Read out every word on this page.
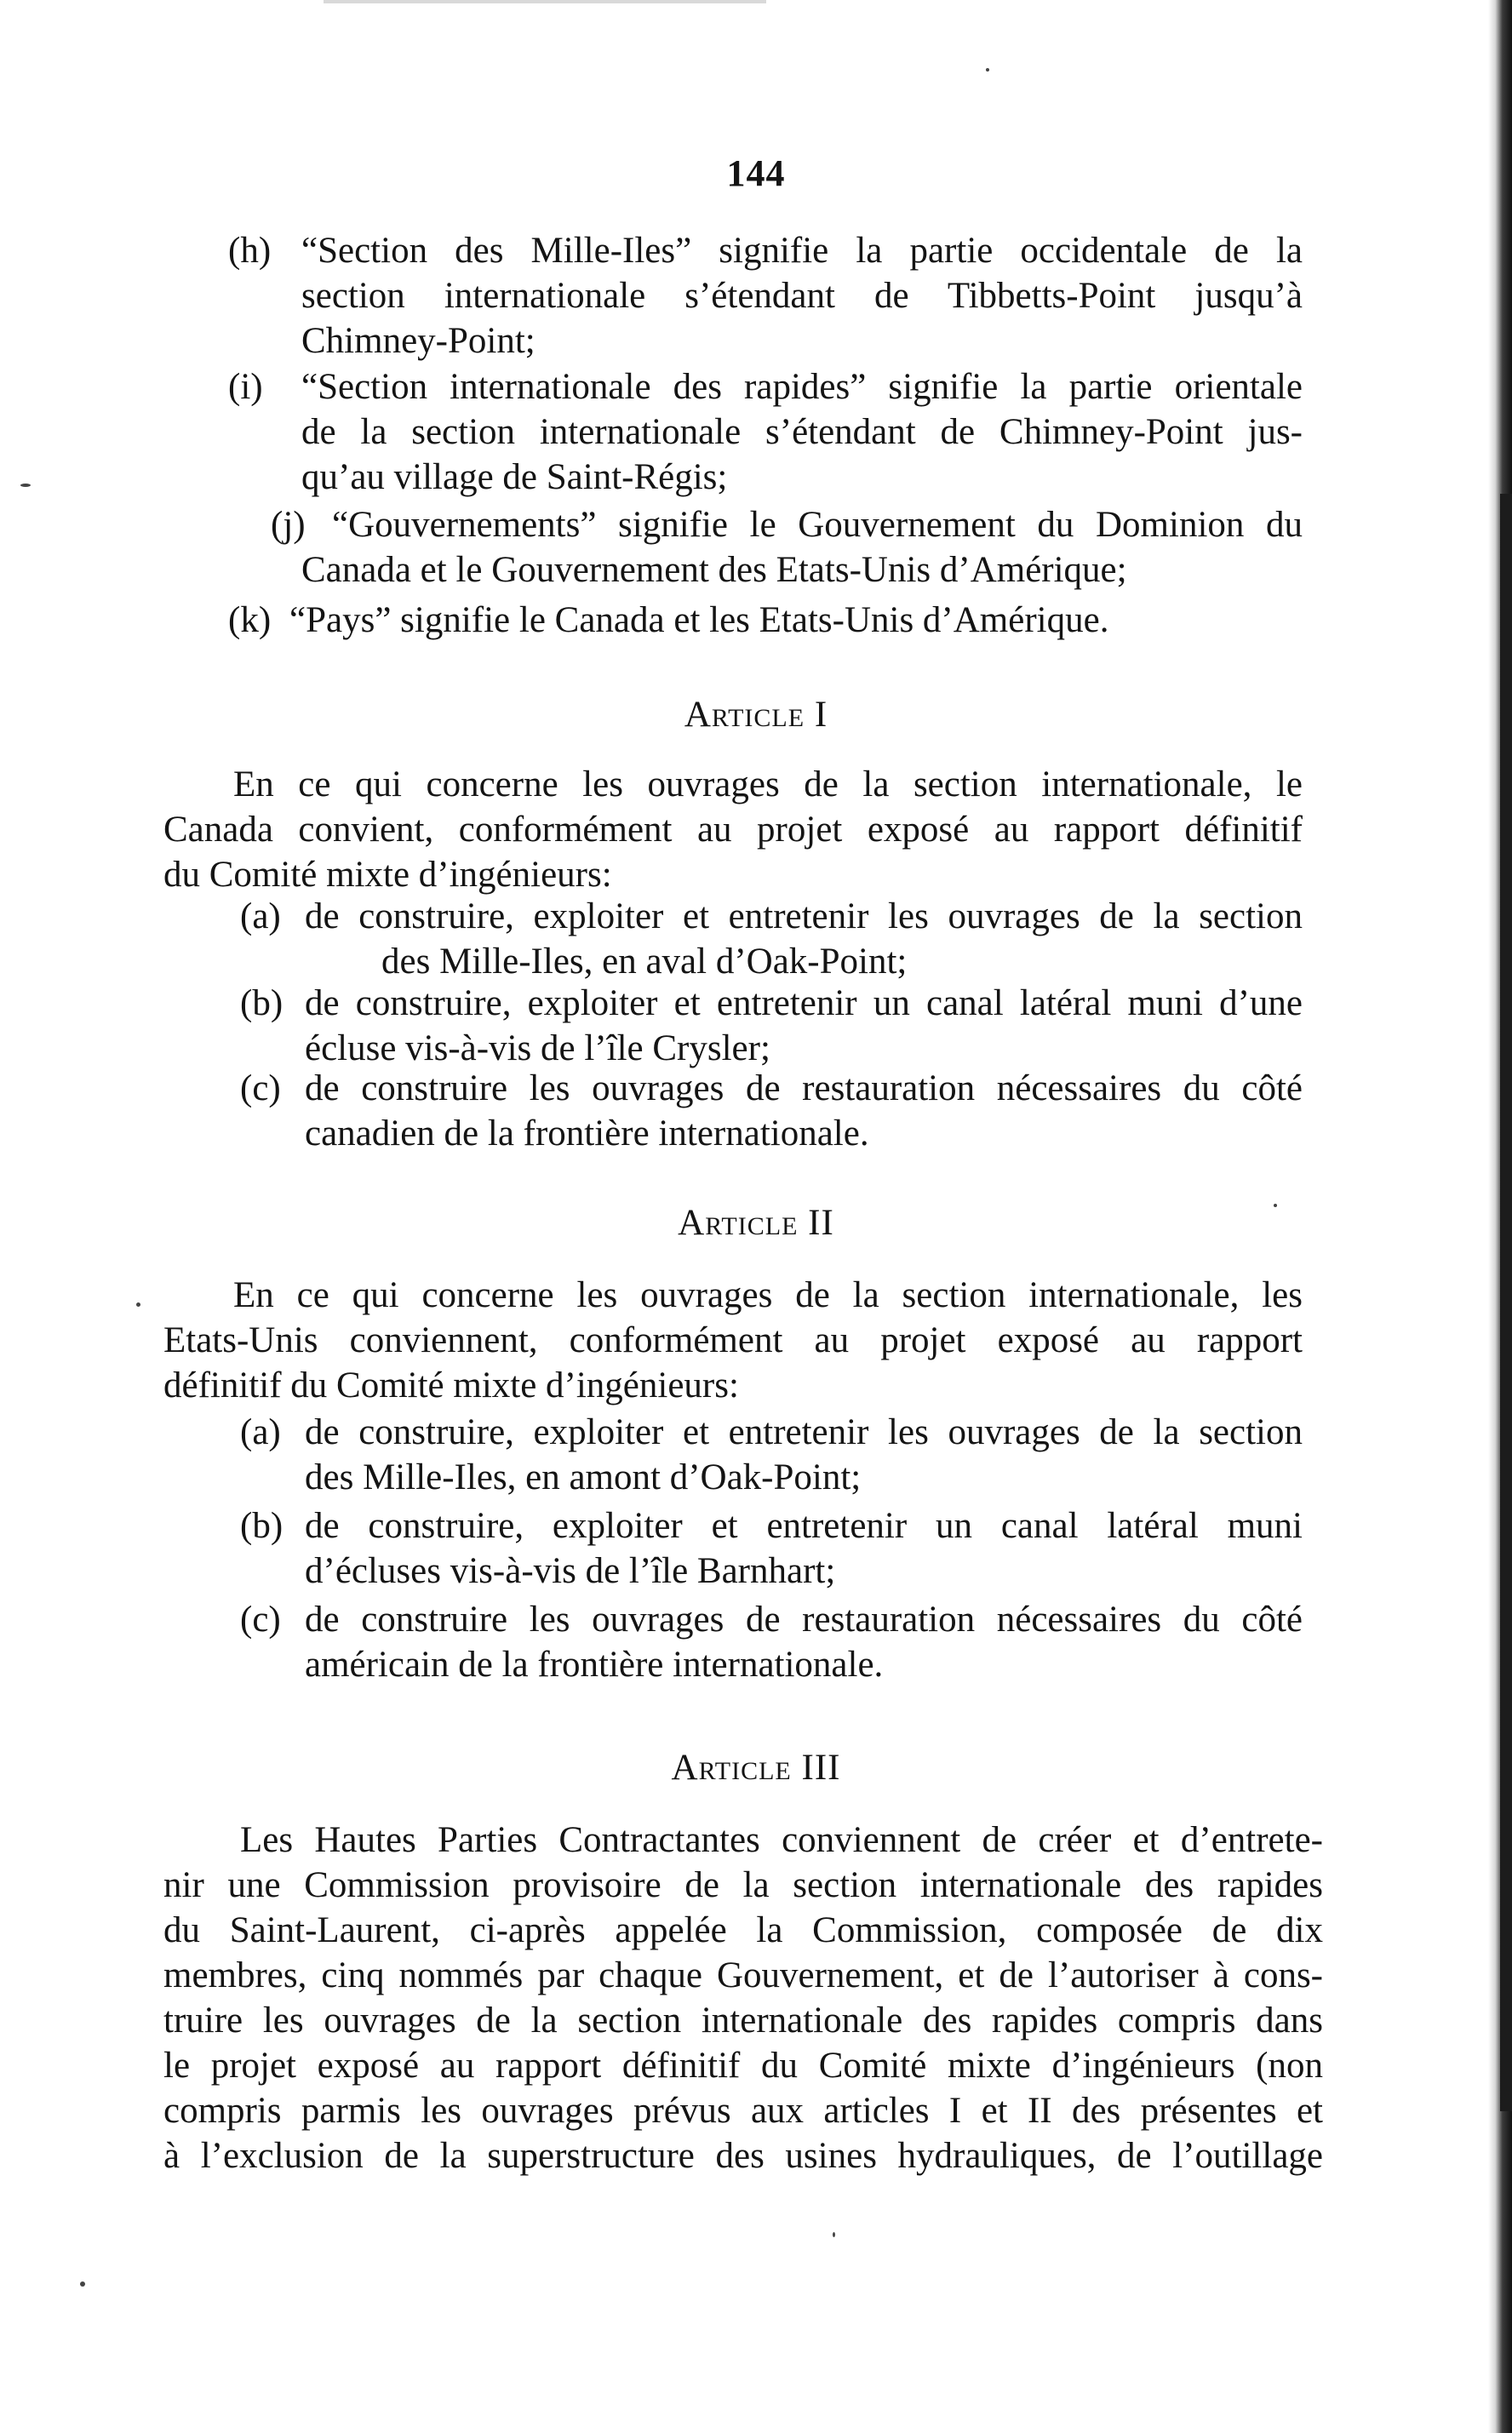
144
(h) “Section des Mille-Iles” signifie la partie occidentale de la
section internationale s’étendant de Tibbetts-Point jusqu’à
Chimney-Point;
(i) “Section internationale des rapides” signifie la partie orientale
de la section internationale s’étendant de Chimney-Point jus-
qu’au village de Saint-Régis;
(j) “Gouvernements” signifie le Gouvernement du Dominion du
Canada et le Gouvernement des Etats-Unis d’Amérique;
(k) “Pays” signifie le Canada et les Etats-Unis d’Amérique.
Article I
En ce qui concerne les ouvrages de la section internationale, le
Canada convient, conformément au projet exposé au rapport définitif
du Comité mixte d’ingénieurs:
(a) de construire, exploiter et entretenir les ouvrages de la section
des Mille-Iles, en aval d’Oak-Point;
(b) de construire, exploiter et entretenir un canal latéral muni d’une
écluse vis-à-vis de l’île Crysler;
(c) de construire les ouvrages de restauration nécessaires du côté
canadien de la frontière internationale.
Article II
En ce qui concerne les ouvrages de la section internationale, les
Etats-Unis conviennent, conformément au projet exposé au rapport
définitif du Comité mixte d’ingénieurs:
(a) de construire, exploiter et entretenir les ouvrages de la section
des Mille-Iles, en amont d’Oak-Point;
(b) de construire, exploiter et entretenir un canal latéral muni
d’écluses vis-à-vis de l’île Barnhart;
(c) de construire les ouvrages de restauration nécessaires du côté
américain de la frontière internationale.
Article III
Les Hautes Parties Contractantes conviennent de créer et d’entrete-
nir une Commission provisoire de la section internationale des rapides
du Saint-Laurent, ci-après appelée la Commission, composée de dix
membres, cinq nommés par chaque Gouvernement, et de l’autoriser à cons-
truire les ouvrages de la section internationale des rapides compris dans
le projet exposé au rapport définitif du Comité mixte d’ingénieurs (non
compris parmis les ouvrages prévus aux articles I et II des présentes et
à l’exclusion de la superstructure des usines hydrauliques, de l’outillage
